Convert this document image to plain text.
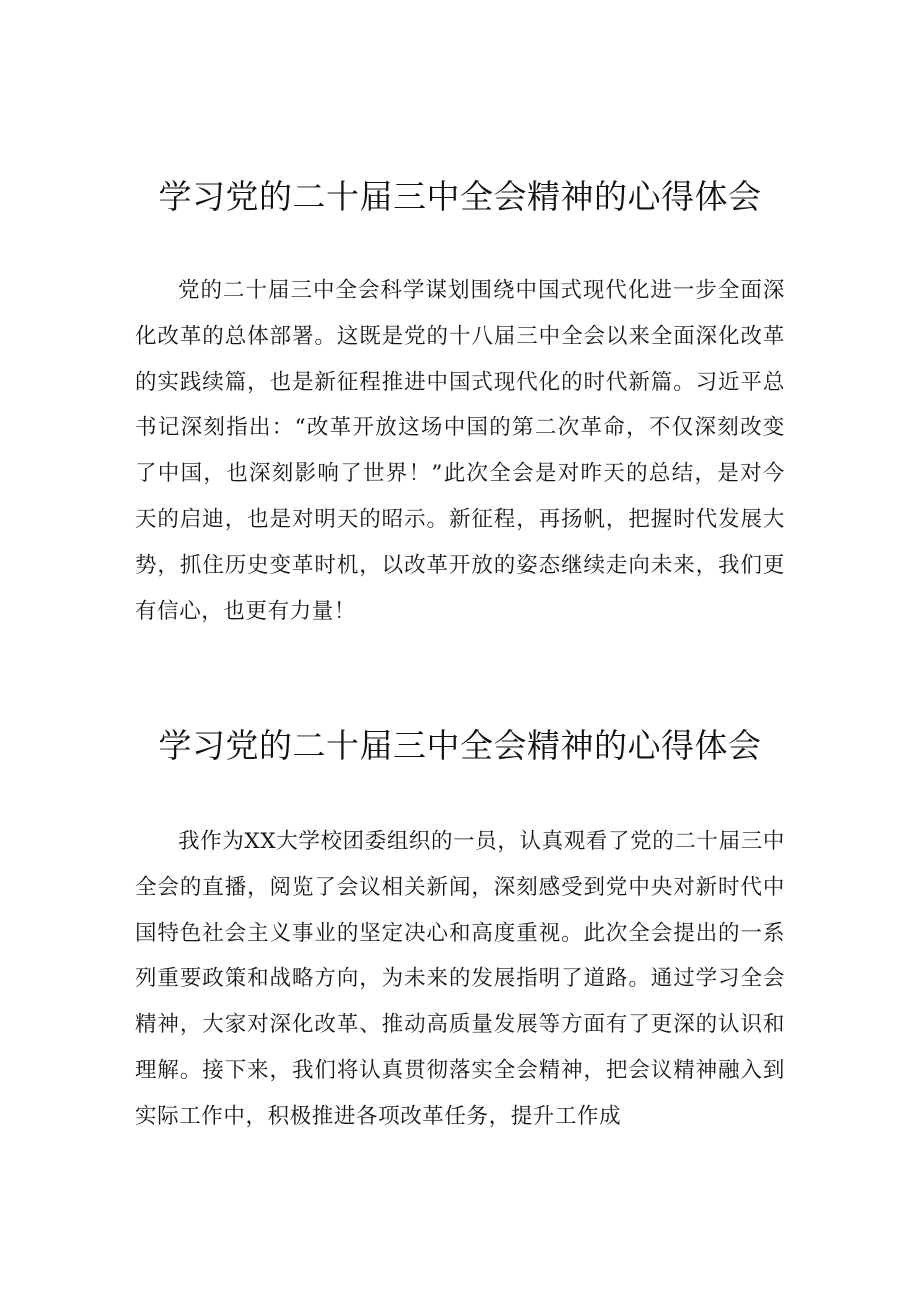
学习党的二十届三中全会精神的心得体会

党的二十届三中全会科学谋划围绕中国式现代化进一步全面深化改革的总体部署。这既是党的十八届三中全会以来全面深化改革的实践续篇，也是新征程推进中国式现代化的时代新篇。习近平总书记深刻指出：“改革开放这场中国的第二次革命，不仅深刻改变了中国，也深刻影响了世界！”此次全会是对昨天的总结，是对今天的启迪，也是对明天的昭示。新征程，再扬帆，把握时代发展大势，抓住历史变革时机，以改革开放的姿态继续走向未来，我们更有信心，也更有力量！

学习党的二十届三中全会精神的心得体会

我作为XX大学校团委组织的一员，认真观看了党的二十届三中全会的直播，阅览了会议相关新闻，深刻感受到党中央对新时代中国特色社会主义事业的坚定决心和高度重视。此次全会提出的一系列重要政策和战略方向，为未来的发展指明了道路。通过学习全会精神，大家对深化改革、推动高质量发展等方面有了更深的认识和理解。接下来，我们将认真贯彻落实全会精神，把会议精神融入到实际工作中，积极推进各项改革任务，提升工作成
